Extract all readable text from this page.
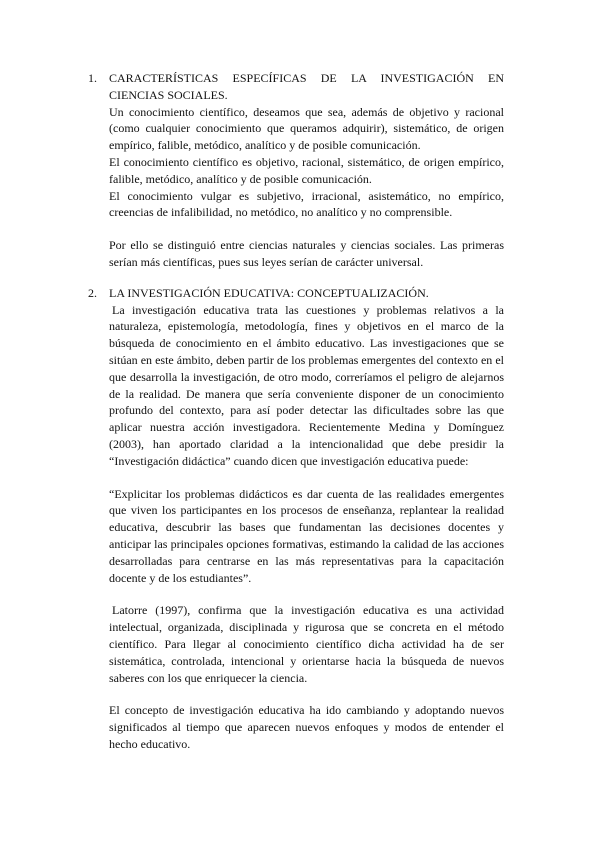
1. CARACTERÍSTICAS ESPECÍFICAS DE LA INVESTIGACIÓN EN CIENCIAS SOCIALES.

Un conocimiento científico, deseamos que sea, además de objetivo y racional (como cualquier conocimiento que queramos adquirir), sistemático, de origen empírico, falible, metódico, analítico y de posible comunicación.

El conocimiento científico es objetivo, racional, sistemático, de origen empírico, falible, metódico, analítico y de posible comunicación.

El conocimiento vulgar es subjetivo, irracional, asistemático, no empírico, creencias de infalibilidad, no metódico, no analítico y no comprensible.

Por ello se distinguió entre ciencias naturales y ciencias sociales. Las primeras serían más científicas, pues sus leyes serían de carácter universal.

2. LA INVESTIGACIÓN EDUCATIVA: CONCEPTUALIZACIÓN.

La investigación educativa trata las cuestiones y problemas relativos a la naturaleza, epistemología, metodología, fines y objetivos en el marco de la búsqueda de conocimiento en el ámbito educativo. Las investigaciones que se sitúan en este ámbito, deben partir de los problemas emergentes del contexto en el que desarrolla la investigación, de otro modo, correríamos el peligro de alejarnos de la realidad. De manera que sería conveniente disponer de un conocimiento profundo del contexto, para así poder detectar las dificultades sobre las que aplicar nuestra acción investigadora. Recientemente Medina y Domínguez (2003), han aportado claridad a la intencionalidad que debe presidir la “Investigación didáctica” cuando dicen que investigación educativa puede:

“Explicitar los problemas didácticos es dar cuenta de las realidades emergentes que viven los participantes en los procesos de enseñanza, replantear la realidad educativa, descubrir las bases que fundamentan las decisiones docentes y anticipar las principales opciones formativas, estimando la calidad de las acciones desarrolladas para centrarse en las más representativas para la capacitación docente y de los estudiantes”.

Latorre (1997), confirma que la investigación educativa es una actividad intelectual, organizada, disciplinada y rigurosa que se concreta en el método científico. Para llegar al conocimiento científico dicha actividad ha de ser sistemática, controlada, intencional y orientarse hacia la búsqueda de nuevos saberes con los que enriquecer la ciencia.

El concepto de investigación educativa ha ido cambiando y adoptando nuevos significados al tiempo que aparecen nuevos enfoques y modos de entender el hecho educativo.
